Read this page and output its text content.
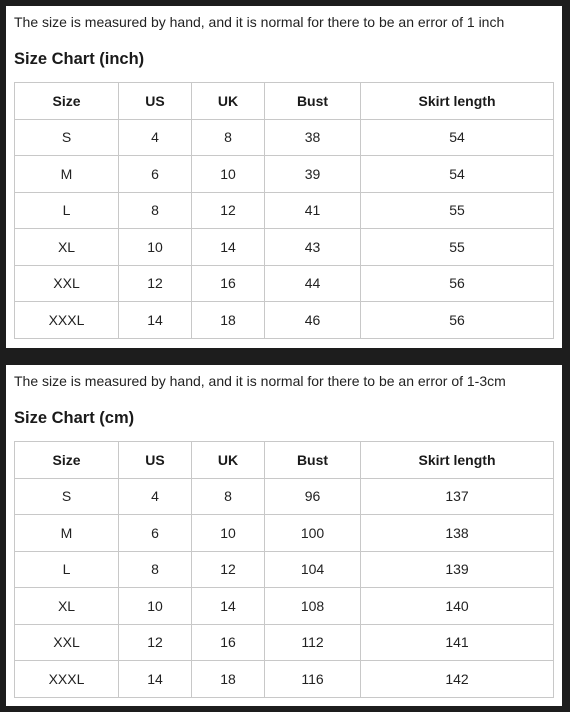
The size is measured by hand, and it is normal for there to be an error of 1 inch
Size Chart (inch)
Size	US	UK	Bust	Skirt length
S	4	8	38	54
M	6	10	39	54
L	8	12	41	55
XL	10	14	43	55
XXL	12	16	44	56
XXXL	14	18	46	56
The size is measured by hand, and it is normal for there to be an error of 1-3cm
Size Chart (cm)
Size	US	UK	Bust	Skirt length
S	4	8	96	137
M	6	10	100	138
L	8	12	104	139
XL	10	14	108	140
XXL	12	16	112	141
XXXL	14	18	116	142
